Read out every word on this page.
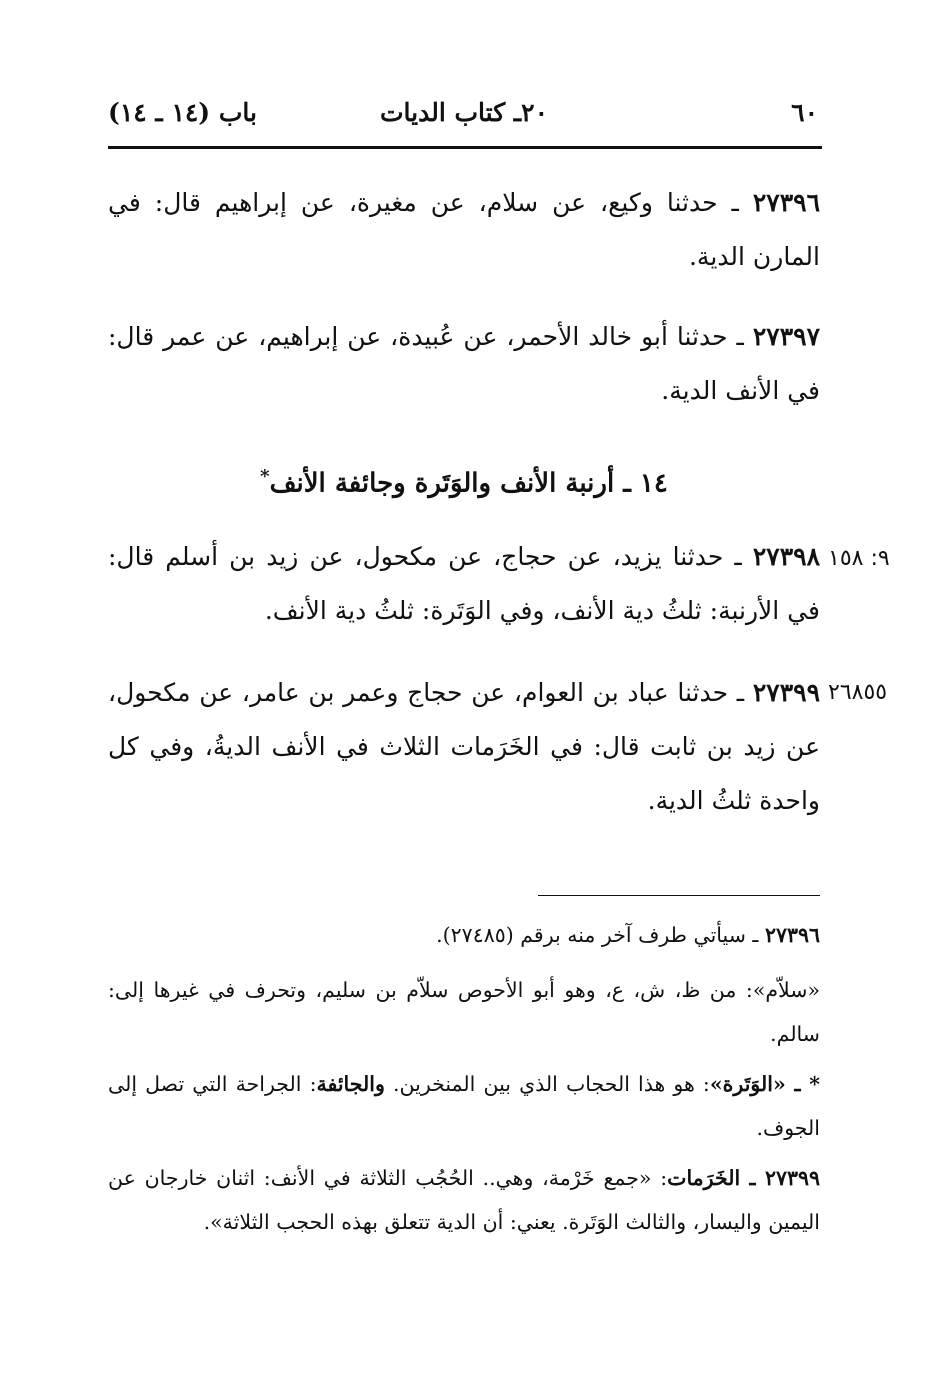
٦٠
٢٠ـ كتاب الديات
باب (١٤ ـ ١٤)
٢٧٣٩٦ ـ حدثنا وكيع، عن سلام، عن مغيرة، عن إبراهيم قال: في المارن الدية.
٢٧٣٩٧ ـ حدثنا أبو خالد الأحمر، عن عُبيدة، عن إبراهيم، عن عمر قال: في الأنف الدية.
١٤ ـ أرنبة الأنف والوَتَرة وجائفة الأنف*
٢٧٣٩٨ ـ حدثنا يزيد، عن حجاج، عن مكحول، عن زيد بن أسلم قال: في الأرنبة: ثلثُ دية الأنف، وفي الوَتَرة: ثلثُ دية الأنف.
٩: ١٥٨
٢٧٣٩٩ ـ حدثنا عباد بن العوام، عن حجاج وعمر بن عامر، عن مكحول، عن زيد بن ثابت قال: في الخَرَمات الثلاث في الأنف الديةُ، وفي كل واحدة ثلثُ الدية.
٢٦٨٥٥
٢٧٣٩٦ ـ سيأتي طرف آخر منه برقم (٢٧٤٨٥).
«سلاّم»: من ظ، ش، ع، وهو أبو الأحوص سلاّم بن سليم، وتحرف في غيرها إلى: سالم.
* ـ «الوَتَرة»: هو هذا الحجاب الذي بين المنخرين. والجائفة: الجراحة التي تصل إلى الجوف.
٢٧٣٩٩ ـ الخَرَمات: «جمع خَرْمة، وهي.. الحُجُب الثلاثة في الأنف: اثنان خارجان عن اليمين واليسار، والثالث الوَتَرة. يعني: أن الدية تتعلق بهذه الحجب الثلاثة».
